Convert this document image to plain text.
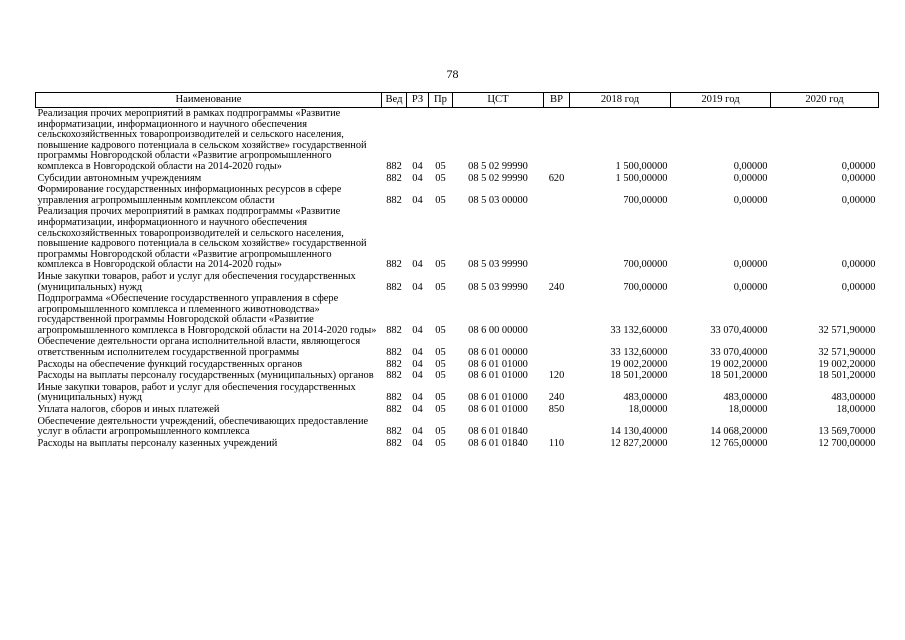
78
Наименование	Вед	РЗ	Пр	ЦСТ	ВР	2018 год	2019 год	2020 год
Реализация прочих мероприятий в рамках подпрограммы «Развитие информатизации, информационного и научного обеспечения сельскохозяйственных товаропроизводителей и сельского населения, повышение кадрового потенциала в сельском хозяйстве» государственной программы Новгородской области «Развитие агропромышленного комплекса в Новгородской области на 2014-2020 годы»	882	04	05	08 5 02 99990		1 500,00000	0,00000	0,00000
Субсидии автономным учреждениям	882	04	05	08 5 02 99990	620	1 500,00000	0,00000	0,00000
Формирование государственных информационных ресурсов в сфере управления агропромышленным комплексом области	882	04	05	08 5 03 00000		700,00000	0,00000	0,00000
Реализация прочих мероприятий в рамках подпрограммы «Развитие информатизации, информационного и научного обеспечения сельскохозяйственных товаропроизводителей и сельского населения, повышение кадрового потенциала в сельском хозяйстве» государственной программы Новгородской области «Развитие агропромышленного комплекса в Новгородской области на 2014-2020 годы»	882	04	05	08 5 03 99990		700,00000	0,00000	0,00000
Иные закупки товаров, работ и услуг для обеспечения государственных (муниципальных) нужд	882	04	05	08 5 03 99990	240	700,00000	0,00000	0,00000
Подпрограмма «Обеспечение государственного управления в сфере агропромышленного комплекса и племенного животноводства» государственной программы Новгородской области «Развитие агропромышленного комплекса в Новгородской области на 2014-2020 годы»	882	04	05	08 6 00 00000		33 132,60000	33 070,40000	32 571,90000
Обеспечение деятельности органа исполнительной власти, являющегося ответственным исполнителем государственной программы	882	04	05	08 6 01 00000		33 132,60000	33 070,40000	32 571,90000
Расходы на обеспечение функций государственных органов	882	04	05	08 6 01 01000		19 002,20000	19 002,20000	19 002,20000
Расходы на выплаты персоналу государственных (муниципальных) органов	882	04	05	08 6 01 01000	120	18 501,20000	18 501,20000	18 501,20000
Иные закупки товаров, работ и услуг для обеспечения государственных (муниципальных) нужд	882	04	05	08 6 01 01000	240	483,00000	483,00000	483,00000
Уплата налогов, сборов и иных платежей	882	04	05	08 6 01 01000	850	18,00000	18,00000	18,00000
Обеспечение деятельности учреждений, обеспечивающих предоставление услуг в области агропромышленного комплекса	882	04	05	08 6 01 01840		14 130,40000	14 068,20000	13 569,70000
Расходы на выплаты персоналу казенных учреждений	882	04	05	08 6 01 01840	110	12 827,20000	12 765,00000	12 700,00000
